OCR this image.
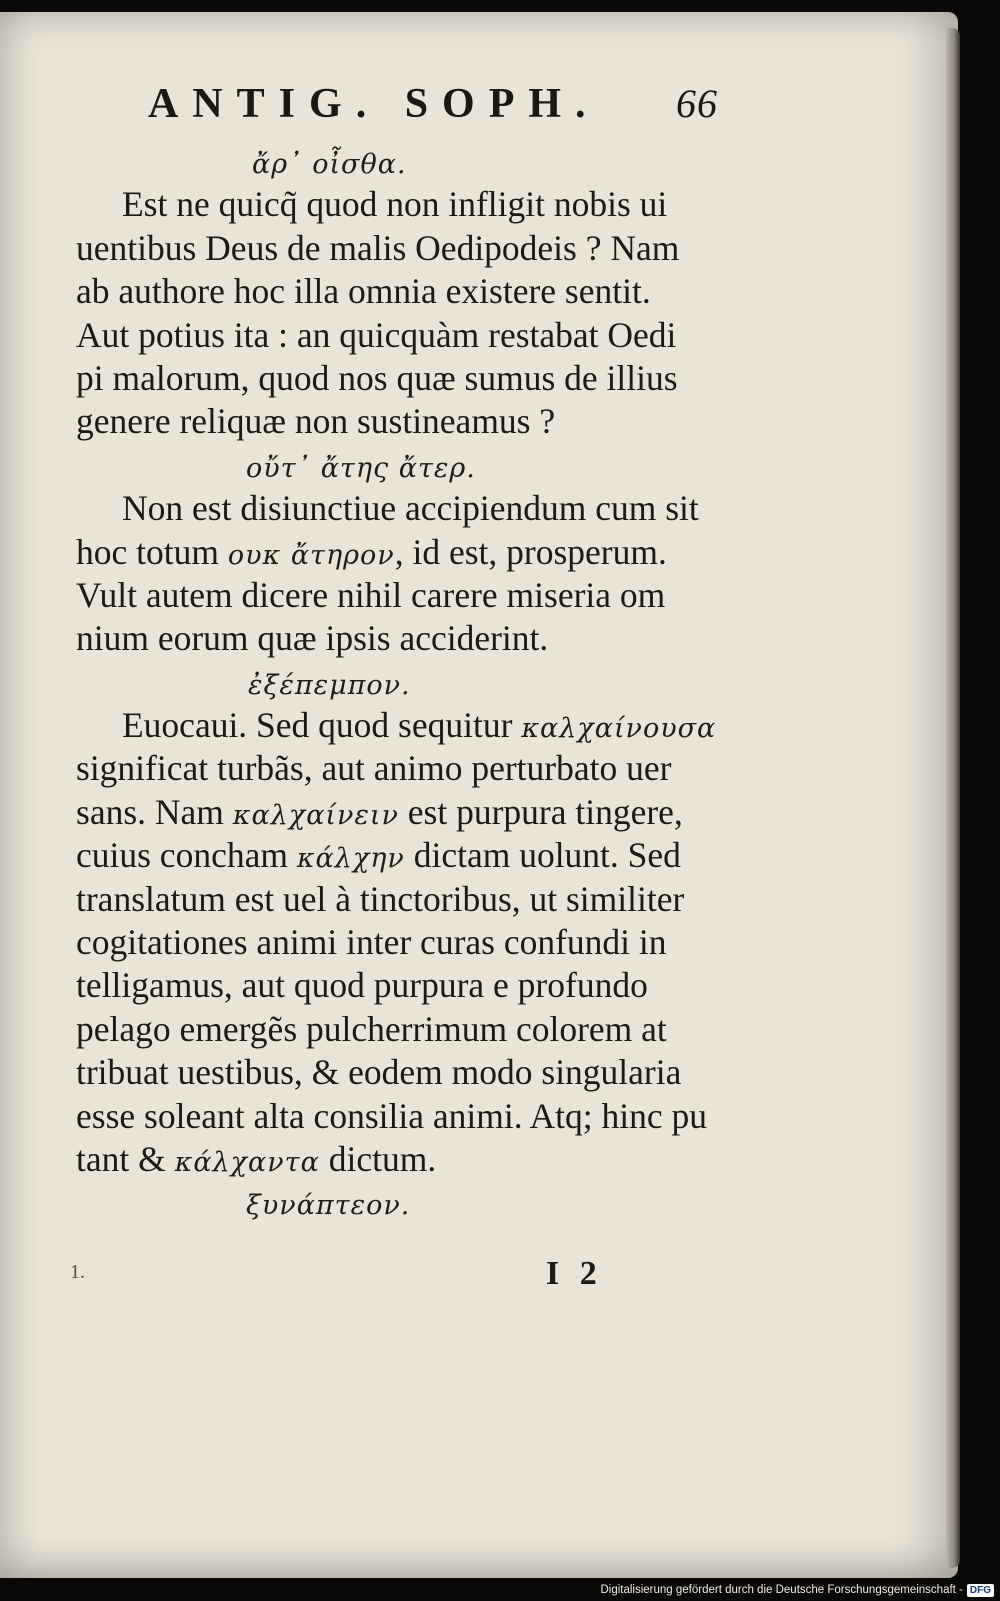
ANTIG. SOPH. 66
ἄρ᾽ οἶσθα.
Est ne quicq̃ quod non infligit nobis ui
uentibus Deus de malis Oedipodeis ? Nam
ab authore hoc illa omnia existere sentit.
Aut potius ita : an quicquàm restabat Oedi
pi malorum, quod nos quæ sumus de illius
genere reliquæ non sustineamus ?
οὔτ᾽ ἄτης ἄτερ.
Non est disiunctiue accipiendum cum sit
hoc totum ουκ ἄτηρον, id est, prosperum.
Vult autem dicere nihil carere miseria om
nium eorum quæ ipsis acciderint.
ἐξέπεμπον.
Euocaui. Sed quod sequitur καλχαίνουσα
significat turbãs, aut animo perturbato uer
sans. Nam καλχαίνειν est purpura tingere,
cuius concham κάλχην dictam uolunt. Sed
translatum est uel à tinctoribus, ut similiter
cogitationes animi inter curas confundi in
telligamus, aut quod purpura e profundo
pelago emergẽs pulcherrimum colorem at
tribuat uestibus, & eodem modo singularia
esse soleant alta consilia animi. Atq; hinc pu
tant & κάλχαντα dictum.
ξυνάπτεον.
1.	I 2
Digitalisierung gefördert durch die Deutsche Forschungsgemeinschaft - DFG
